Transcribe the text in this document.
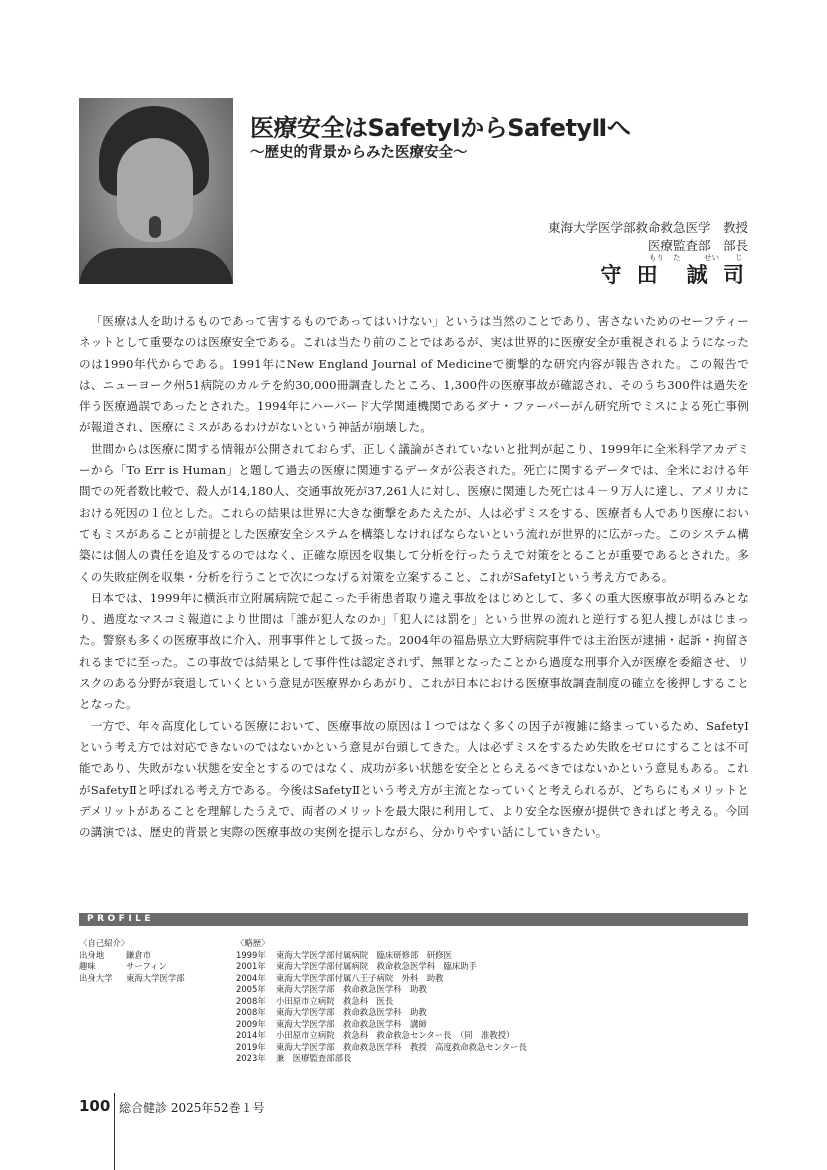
医療安全はSafetyⅠからSafetyⅡへ
～歴史的背景からみた医療安全～
東海大学医学部救命救急医学　教授
医療監査部　部長
もり た	せい じ
守 田　誠 司

「医療は人を助けるものであって害するものであってはいけない」というは当然のことであり、害さないためのセーフティーネットとして重要なのは医療安全である。これは当たり前のことではあるが、実は世界的に医療安全が重視されるようになったのは1990年代からである。1991年にNew England Journal of Medicineで衝撃的な研究内容が報告された。この報告では、ニューヨーク州51病院のカルテを約30,000冊調査したところ、1,300件の医療事故が確認され、そのうち300件は過失を伴う医療過誤であったとされた。1994年にハーバード大学関連機関であるダナ・ファーバーがん研究所でミスによる死亡事例が報道され、医療にミスがあるわけがないという神話が崩壊した。

世間からは医療に関する情報が公開されておらず、正しく議論がされていないと批判が起こり、1999年に全米科学アカデミーから「To Err is Human」と題して過去の医療に関連するデータが公表された。死亡に関するデータでは、全米における年間での死者数比較で、殺人が14,180人、交通事故死が37,261人に対し、医療に関連した死亡は４－９万人に達し、アメリカにおける死因の１位とした。これらの結果は世界に大きな衝撃をあたえたが、人は必ずミスをする、医療者も人であり医療においてもミスがあることが前提とした医療安全システムを構築しなければならないという流れが世界的に広がった。このシステム構築には個人の責任を追及するのではなく、正確な原因を収集して分析を行ったうえで対策をとることが重要であるとされた。多くの失敗症例を収集・分析を行うことで次につなげる対策を立案すること、これがSafetyⅠという考え方である。

日本では、1999年に横浜市立附属病院で起こった手術患者取り違え事故をはじめとして、多くの重大医療事故が明るみとなり、過度なマスコミ報道により世間は「誰が犯人なのか」「犯人には罰を」という世界の流れと逆行する犯人捜しがはじまった。警察も多くの医療事故に介入、刑事事件として扱った。2004年の福島県立大野病院事件では主治医が逮捕・起訴・拘留されるまでに至った。この事故では結果として事件性は認定されず、無罪となったことから過度な刑事介入が医療を委縮させ、リスクのある分野が衰退していくという意見が医療界からあがり、これが日本における医療事故調査制度の確立を後押しすることとなった。

一方で、年々高度化している医療において、医療事故の原因は１つではなく多くの因子が複雑に絡まっているため、SafetyⅠという考え方では対応できないのではないかという意見が台頭してきた。人は必ずミスをするため失敗をゼロにすることは不可能であり、失敗がない状態を安全とするのではなく、成功が多い状態を安全ととらえるべきではないかという意見もある。これがSafetyⅡと呼ばれる考え方である。今後はSafetyⅡという考え方が主流となっていくと考えられるが、どちらにもメリットとデメリットがあることを理解したうえで、両者のメリットを最大限に利用して、より安全な医療が提供できればと考える。今回の講演では、歴史的背景と実際の医療事故の実例を提示しながら、分かりやすい話にしていきたい。

PROFILE
〈自己紹介〉
出身地	鎌倉市
趣味	サーフィン
出身大学	東海大学医学部
〈略歴〉
1999年	東海大学医学部付属病院　臨床研修部　研修医
2001年	東海大学医学部付属病院　救命救急医学科　臨床助手
2004年	東海大学医学部付属八王子病院　外科　助教
2005年	東海大学医学部　救命救急医学科　助教
2008年	小田原市立病院　救急科　医長
2008年	東海大学医学部　救命救急医学科　助教
2009年	東海大学医学部　救命救急医学科　講師
2014年	小田原市立病院　救急科　救命救急センター長　（同　准教授）
2019年	東海大学医学部　救命救急医学科　教授　高度救命救急センター長
2023年	兼　医療監査部部長
100 総合健診 2025年52巻１号
